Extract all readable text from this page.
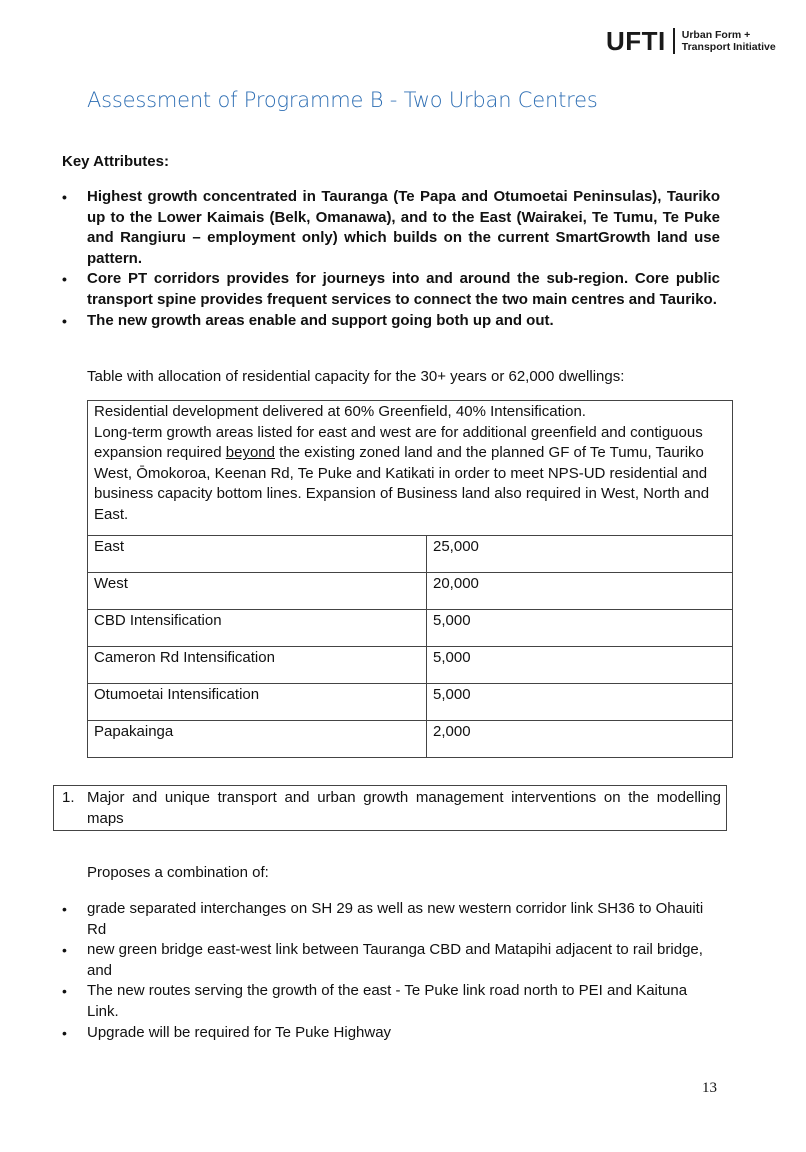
UFTI Urban Form +
Transport Initiative
Assessment of Programme B - Two Urban Centres
Key Attributes:
•	Highest growth concentrated in Tauranga (Te Papa and Otumoetai Peninsulas), Tauriko up to the Lower Kaimais (Belk, Omanawa), and to the East (Wairakei, Te Tumu, Te Puke and Rangiuru – employment only) which builds on the current SmartGrowth land use pattern.
•	Core PT corridors provides for journeys into and around the sub-region. Core public transport spine provides frequent services to connect the two main centres and Tauriko.
•	The new growth areas enable and support going both up and out.
Table with allocation of residential capacity for the 30+ years or 62,000 dwellings:
Residential development delivered at 60% Greenfield, 40% Intensification.
Long-term growth areas listed for east and west are for additional greenfield and contiguous expansion required beyond the existing zoned land and the planned GF of Te Tumu, Tauriko West, Ōmokoroa, Keenan Rd, Te Puke and Katikati in order to meet NPS-UD residential and business capacity bottom lines. Expansion of Business land also required in West, North and East.	
East	25,000
West	20,000
CBD Intensification	5,000
Cameron Rd Intensification	5,000
Otumoetai Intensification	5,000
Papakainga	2,000
1. Major and unique transport and urban growth management interventions on the modelling maps
Proposes a combination of:
•	grade separated interchanges on SH 29 as well as new western corridor link SH36 to Ohauiti Rd
•	new green bridge east-west link between Tauranga CBD and Matapihi adjacent to rail bridge, and
•	The new routes serving the growth of the east - Te Puke link road north to PEI and Kaituna Link.
•	Upgrade will be required for Te Puke Highway
13
